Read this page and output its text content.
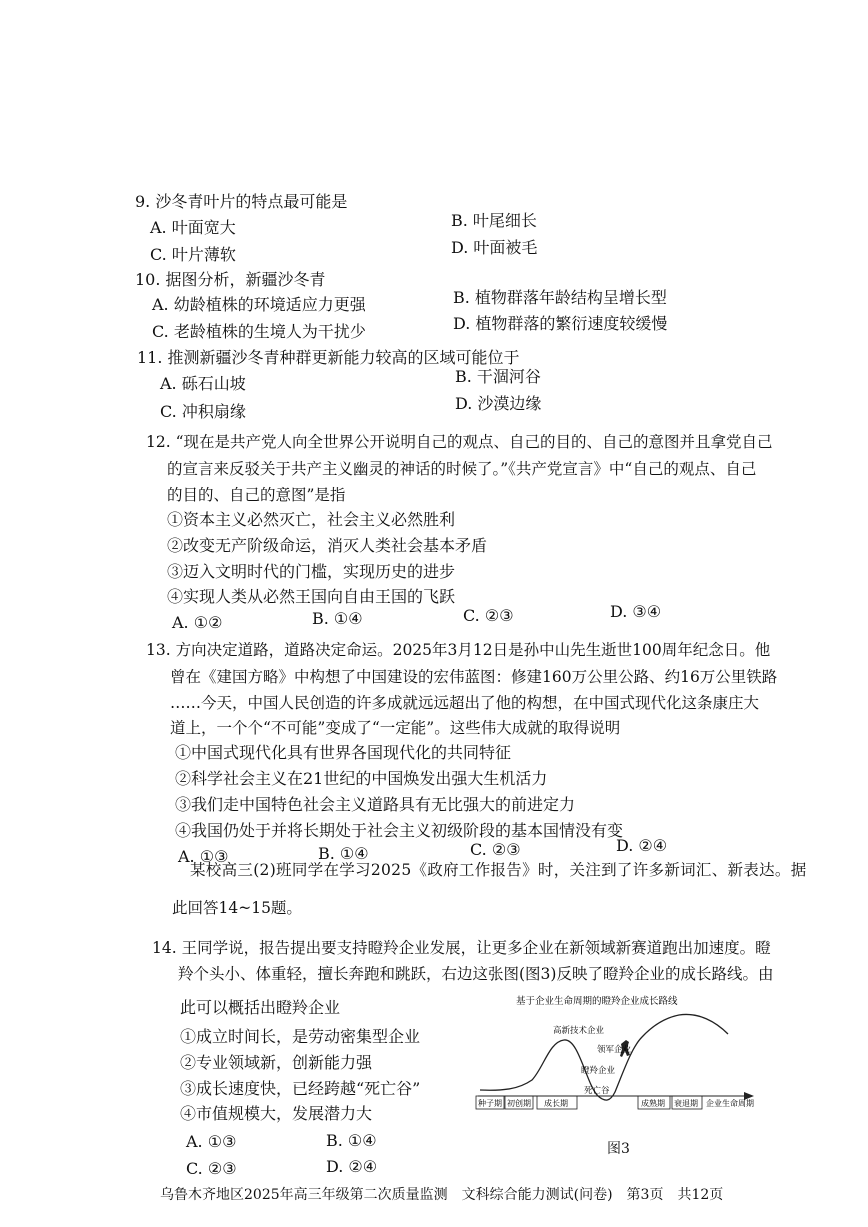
9. 沙冬青叶片的特点最可能是
A. 叶面宽大	B. 叶尾细长
C. 叶片薄软	D. 叶面被毛
10. 据图分析，新疆沙冬青
A. 幼龄植株的环境适应力更强	B. 植物群落年龄结构呈增长型
C. 老龄植株的生境人为干扰少	D. 植物群落的繁衍速度较缓慢
11. 推测新疆沙冬青种群更新能力较高的区域可能位于
A. 砾石山坡	B. 干涸河谷
C. 冲积扇缘	D. 沙漠边缘
12. “现在是共产党人向全世界公开说明自己的观点、自己的目的、自己的意图并且拿党自己
的宣言来反驳关于共产主义幽灵的神话的时候了。”《共产党宣言》中“自己的观点、自己
的目的、自己的意图”是指
①资本主义必然灭亡，社会主义必然胜利
②改变无产阶级命运，消灭人类社会基本矛盾
③迈入文明时代的门槛，实现历史的进步
④实现人类从必然王国向自由王国的飞跃
A. ①②	B. ①④	C. ②③	D. ③④
13. 方向决定道路，道路决定命运。2025年3月12日是孙中山先生逝世100周年纪念日。他
曾在《建国方略》中构想了中国建设的宏伟蓝图：修建160万公里公路、约16万公里铁路
……今天，中国人民创造的许多成就远远超出了他的构想，在中国式现代化这条康庄大
道上，一个个“不可能”变成了“一定能”。这些伟大成就的取得说明
①中国式现代化具有世界各国现代化的共同特征
②科学社会主义在21世纪的中国焕发出强大生机活力
③我们走中国特色社会主义道路具有无比强大的前进定力
④我国仍处于并将长期处于社会主义初级阶段的基本国情没有变
A. ①③	B. ①④	C. ②③	D. ②④
某校高三(2)班同学在学习2025《政府工作报告》时，关注到了许多新词汇、新表达。据
此回答14~15题。
14. 王同学说，报告提出要支持瞪羚企业发展，让更多企业在新领域新赛道跑出加速度。瞪
羚个头小、体重轻，擅长奔跑和跳跃，右边这张图(图3)反映了瞪羚企业的成长路线。由
此可以概括出瞪羚企业
①成立时间长，是劳动密集型企业
②专业领域新，创新能力强
③成长速度快，已经跨越“死亡谷”
④市值规模大，发展潜力大
A. ①③	B. ①④
C. ②③	D. ②④
基于企业生命周期的瞪羚企业成长路线
高新技术企业
领军企业
瞪羚企业
死亡谷
种子期 初创期 成长期	成熟期 衰退期 企业生命周期
图3
乌鲁木齐地区2025年高三年级第二次质量监测　文科综合能力测试(问卷)　第3页　共12页
